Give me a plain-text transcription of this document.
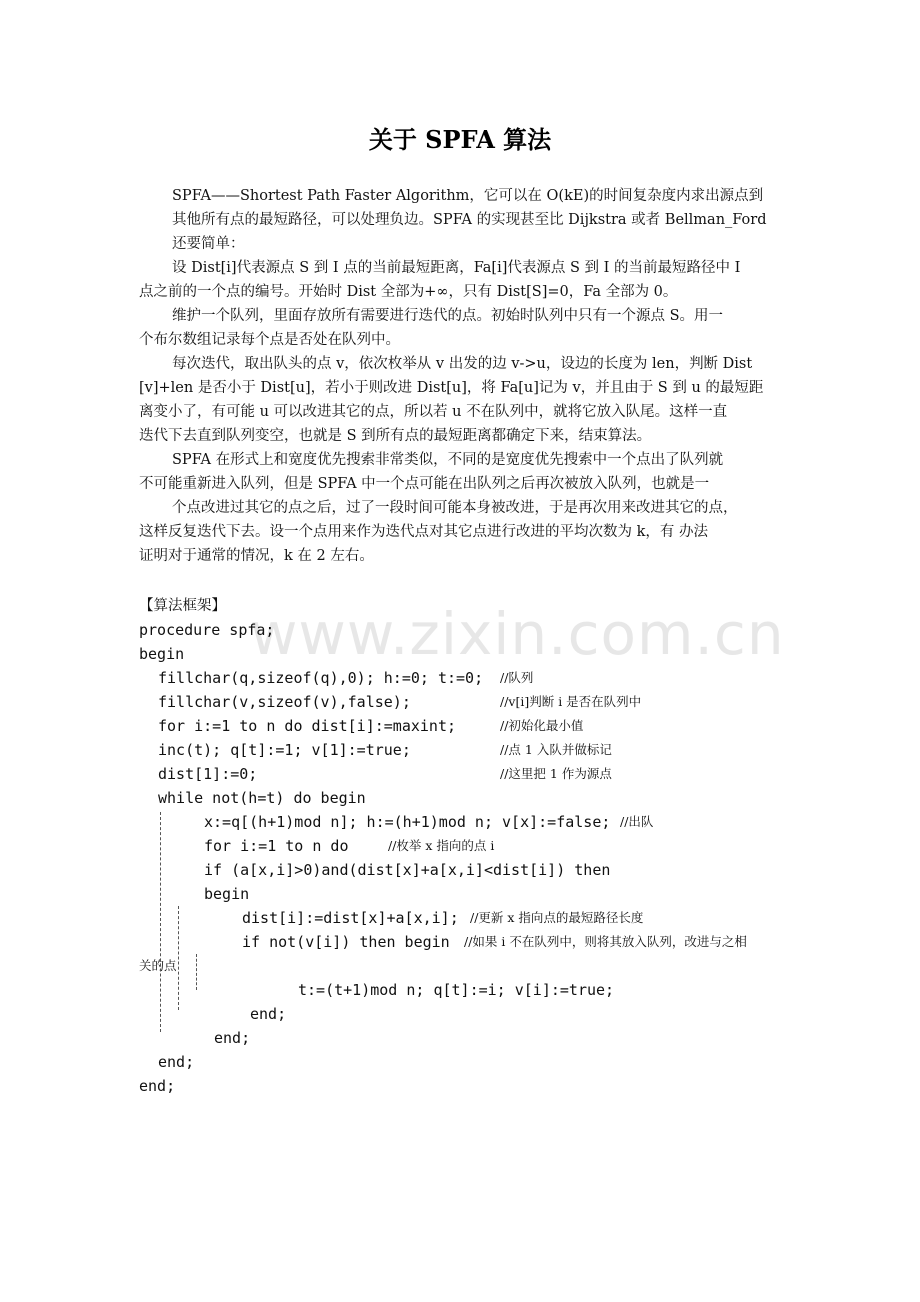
www.zixin.com.cn
关于 SPFA 算法
SPFA——Shortest Path Faster Algorithm，它可以在 O(kE)的时间复杂度内求出源点到
其他所有点的最短路径，可以处理负边。SPFA 的实现甚至比 Dijkstra 或者 Bellman_Ford
还要简单：
设 Dist[i]代表源点 S 到 I 点的当前最短距离，Fa[i]代表源点 S 到 I 的当前最短路径中 I
点之前的一个点的编号。开始时 Dist 全部为+∞，只有 Dist[S]=0，Fa 全部为 0。
维护一个队列，里面存放所有需要进行迭代的点。初始时队列中只有一个源点 S。用一
个布尔数组记录每个点是否处在队列中。
每次迭代，取出队头的点 v，依次枚举从 v 出发的边 v->u，设边的长度为 len，判断 Dist
[v]+len 是否小于 Dist[u]，若小于则改进 Dist[u]，将 Fa[u]记为 v，并且由于 S 到 u 的最短距
离变小了，有可能 u 可以改进其它的点，所以若 u 不在队列中，就将它放入队尾。这样一直
迭代下去直到队列变空，也就是 S 到所有点的最短距离都确定下来，结束算法。
SPFA 在形式上和宽度优先搜索非常类似，不同的是宽度优先搜索中一个点出了队列就
不可能重新进入队列，但是 SPFA 中一个点可能在出队列之后再次被放入队列，也就是一
个点改进过其它的点之后，过了一段时间可能本身被改进，于是再次用来改进其它的点，
这样反复迭代下去。设一个点用来作为迭代点对其它点进行改进的平均次数为 k，有 办法
证明对于通常的情况，k 在 2 左右。
【算法框架】
procedure spfa;
begin
fillchar(q,sizeof(q),0); h:=0; t:=0; //队列
fillchar(v,sizeof(v),false);	//v[i]判断 i 是否在队列中
for i:=1 to n do dist[i]:=maxint;	//初始化最小值
inc(t); q[t]:=1; v[1]:=true;	//点 1 入队并做标记
dist[1]:=0;	//这里把 1 作为源点
while not(h=t) do begin
x:=q[(h+1)mod n]; h:=(h+1)mod n; v[x]:=false; //出队
for i:=1 to n do	//枚举 x 指向的点 i
if (a[x,i]>0)and(dist[x]+a[x,i]<dist[i]) then
begin
dist[i]:=dist[x]+a[x,i]; //更新 x 指向点的最短路径长度
if not(v[i]) then begin //如果 i 不在队列中，则将其放入队列，改进与之相
关的点
t:=(t+1)mod n; q[t]:=i; v[i]:=true;
end;
end;
end;
end;
